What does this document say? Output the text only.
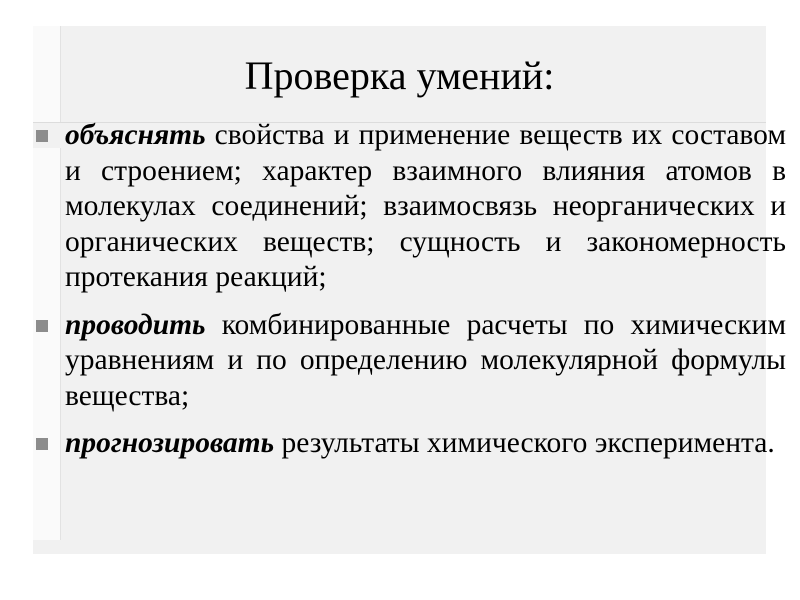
Проверка умений:
объяснять свойства и применение веществ их составом и строением; характер взаимного влияния атомов в молекулах соединений; взаимосвязь неорганических и органических веществ; сущность и закономерность протекания реакций;
проводить комбинированные расчеты по химическим уравнениям и по определению молекулярной формулы вещества;
прогнозировать результаты химического эксперимента.
